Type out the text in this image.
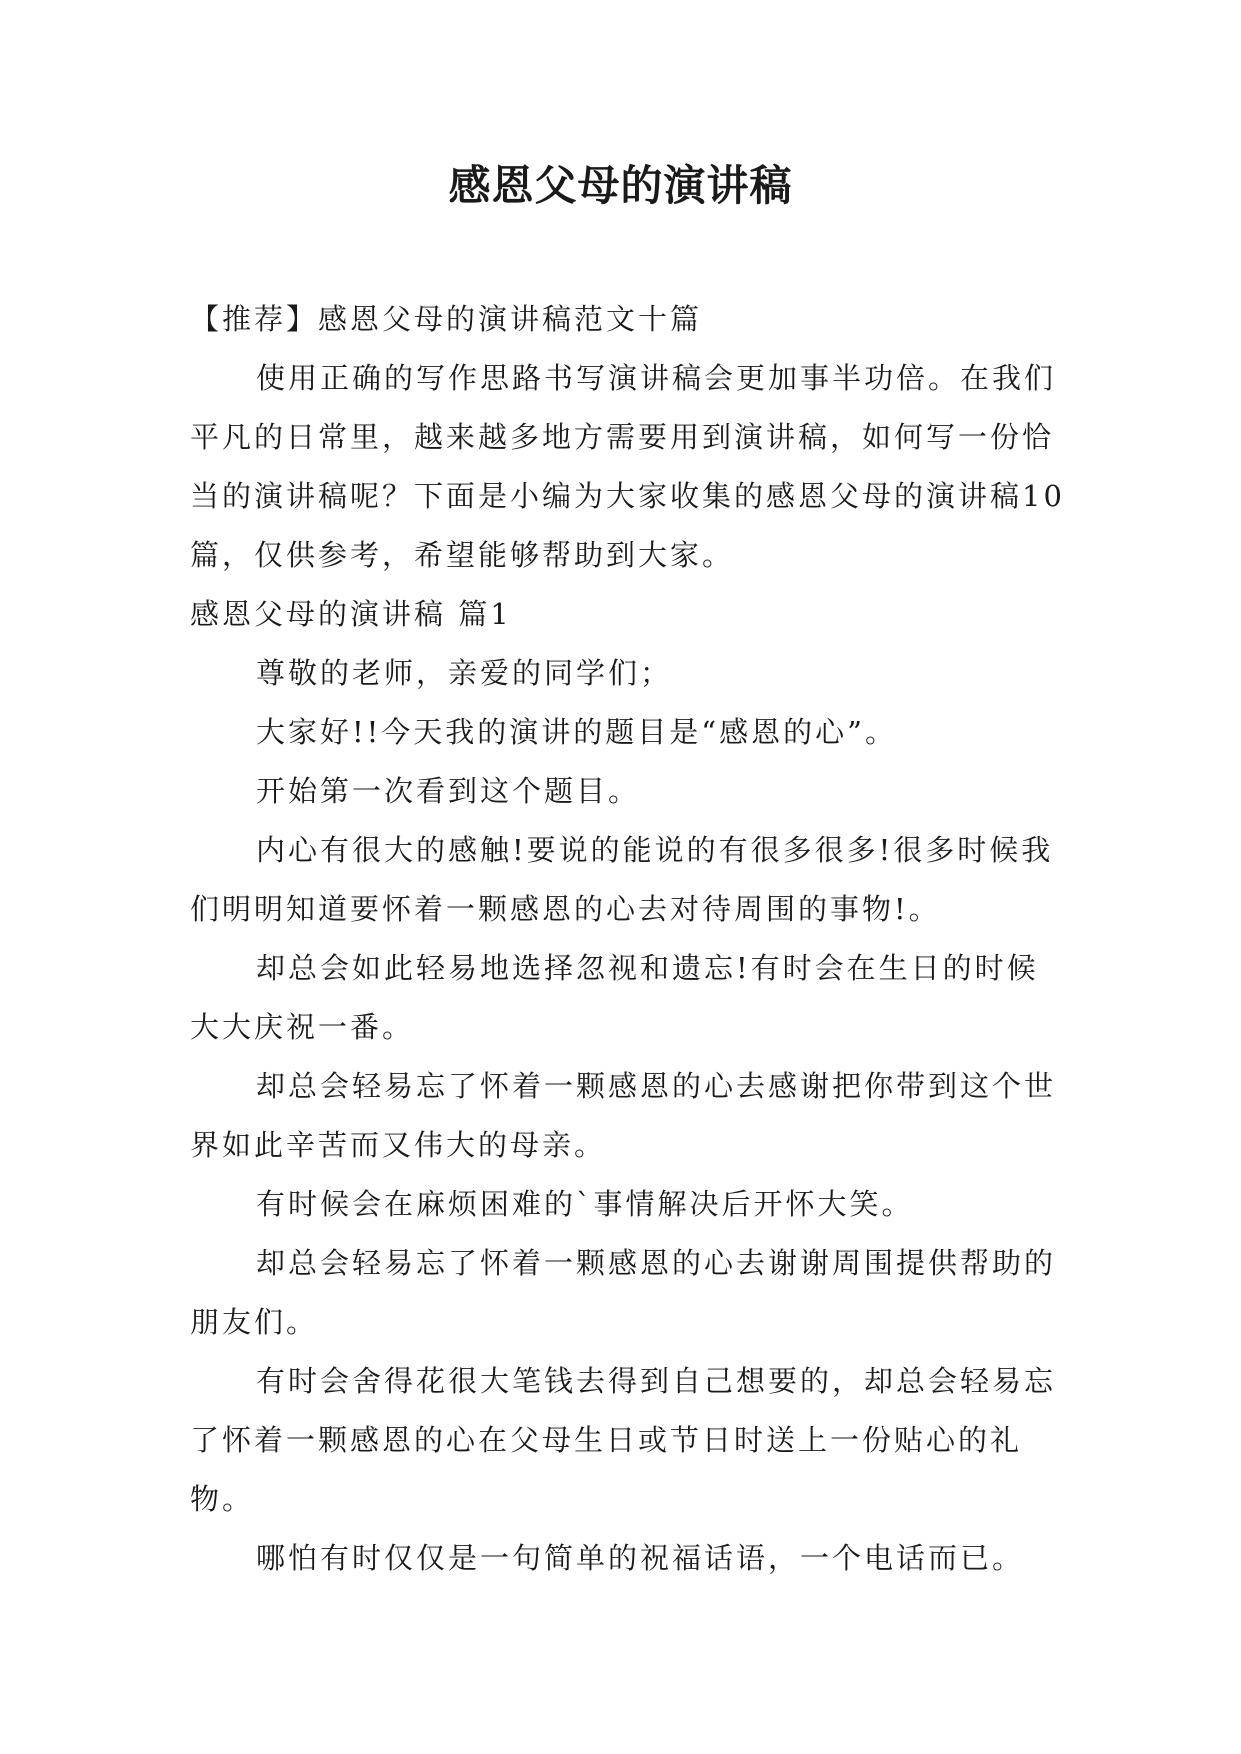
感恩父母的演讲稿

【推荐】感恩父母的演讲稿范文十篇

使用正确的写作思路书写演讲稿会更加事半功倍。在我们平凡的日常里，越来越多地方需要用到演讲稿，如何写一份恰当的演讲稿呢？下面是小编为大家收集的感恩父母的演讲稿10篇，仅供参考，希望能够帮助到大家。

感恩父母的演讲稿 篇1

尊敬的老师，亲爱的同学们；

大家好!!今天我的演讲的题目是“感恩的心”。

开始第一次看到这个题目。

内心有很大的感触!要说的能说的有很多很多!很多时候我们明明知道要怀着一颗感恩的心去对待周围的事物!。

却总会如此轻易地选择忽视和遗忘!有时会在生日的时候大大庆祝一番。

却总会轻易忘了怀着一颗感恩的心去感谢把你带到这个世界如此辛苦而又伟大的母亲。

有时候会在麻烦困难的`事情解决后开怀大笑。

却总会轻易忘了怀着一颗感恩的心去谢谢周围提供帮助的朋友们。

有时会舍得花很大笔钱去得到自己想要的，却总会轻易忘了怀着一颗感恩的心在父母生日或节日时送上一份贴心的礼物。

哪怕有时仅仅是一句简单的祝福话语，一个电话而已。
